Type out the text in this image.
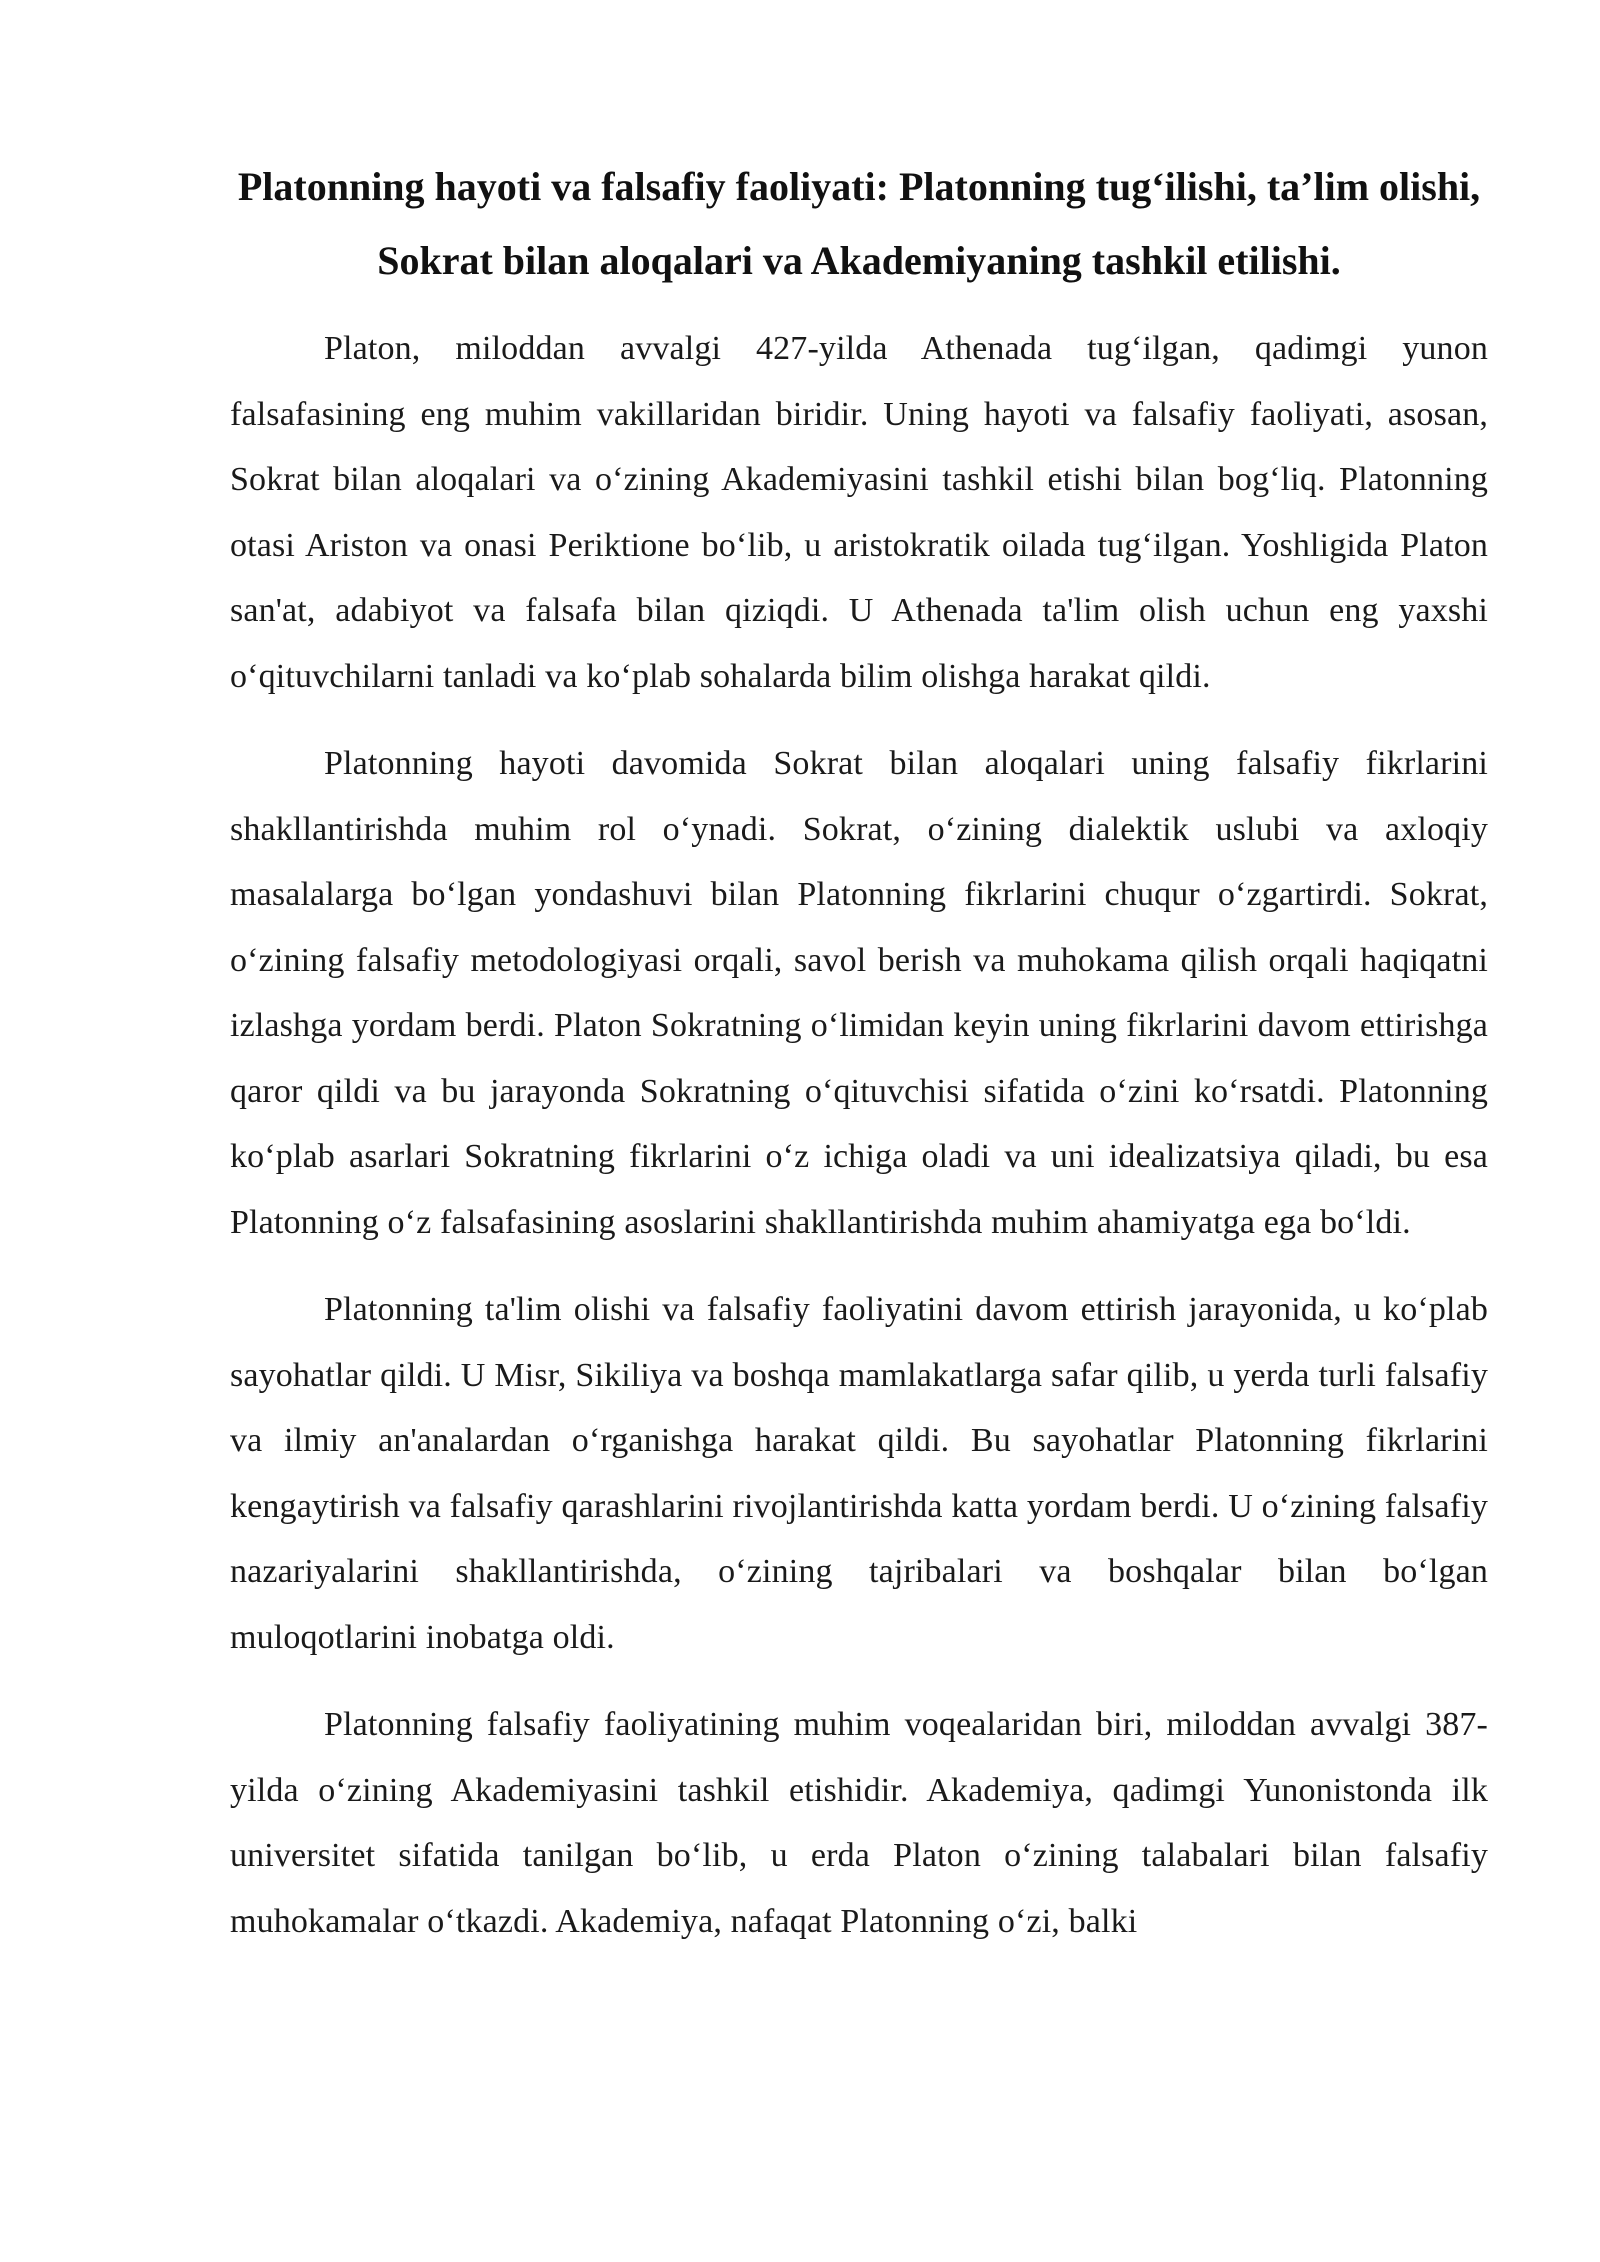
Platonning hayoti va falsafiy faoliyati: Platonning tug‘ilishi, ta’lim olishi, Sokrat bilan aloqalari va Akademiyaning tashkil etilishi.

Platon, miloddan avvalgi 427-yilda Athenada tug‘ilgan, qadimgi yunon falsafasining eng muhim vakillaridan biridir. Uning hayoti va falsafiy faoliyati, asosan, Sokrat bilan aloqalari va o‘zining Akademiyasini tashkil etishi bilan bog‘liq. Platonning otasi Ariston va onasi Periktione bo‘lib, u aristokratik oilada tug‘ilgan. Yoshligida Platon san'at, adabiyot va falsafa bilan qiziqdi. U Athenada ta'lim olish uchun eng yaxshi o‘qituvchilarni tanladi va ko‘plab sohalarda bilim olishga harakat qildi.

Platonning hayoti davomida Sokrat bilan aloqalari uning falsafiy fikrlarini shakllantirishda muhim rol o‘ynadi. Sokrat, o‘zining dialektik uslubi va axloqiy masalalarga bo‘lgan yondashuvi bilan Platonning fikrlarini chuqur o‘zgartirdi. Sokrat, o‘zining falsafiy metodologiyasi orqali, savol berish va muhokama qilish orqali haqiqatni izlashga yordam berdi. Platon Sokratning o‘limidan keyin uning fikrlarini davom ettirishga qaror qildi va bu jarayonda Sokratning o‘qituvchisi sifatida o‘zini ko‘rsatdi. Platonning ko‘plab asarlari Sokratning fikrlarini o‘z ichiga oladi va uni idealizatsiya qiladi, bu esa Platonning o‘z falsafasining asoslarini shakllantirishda muhim ahamiyatga ega bo‘ldi.

Platonning ta'lim olishi va falsafiy faoliyatini davom ettirish jarayonida, u ko‘plab sayohatlar qildi. U Misr, Sikiliya va boshqa mamlakatlarga safar qilib, u yerda turli falsafiy va ilmiy an'analardan o‘rganishga harakat qildi. Bu sayohatlar Platonning fikrlarini kengaytirish va falsafiy qarashlarini rivojlantirishda katta yordam berdi. U o‘zining falsafiy nazariyalarini shakllantirishda, o‘zining tajribalari va boshqalar bilan bo‘lgan muloqotlarini inobatga oldi.

Platonning falsafiy faoliyatining muhim voqealaridan biri, miloddan avvalgi 387-yilda o‘zining Akademiyasini tashkil etishidir. Akademiya, qadimgi Yunonistonda ilk universitet sifatida tanilgan bo‘lib, u erda Platon o‘zining talabalari bilan falsafiy muhokamalar o‘tkazdi. Akademiya, nafaqat Platonning o‘zi, balki
